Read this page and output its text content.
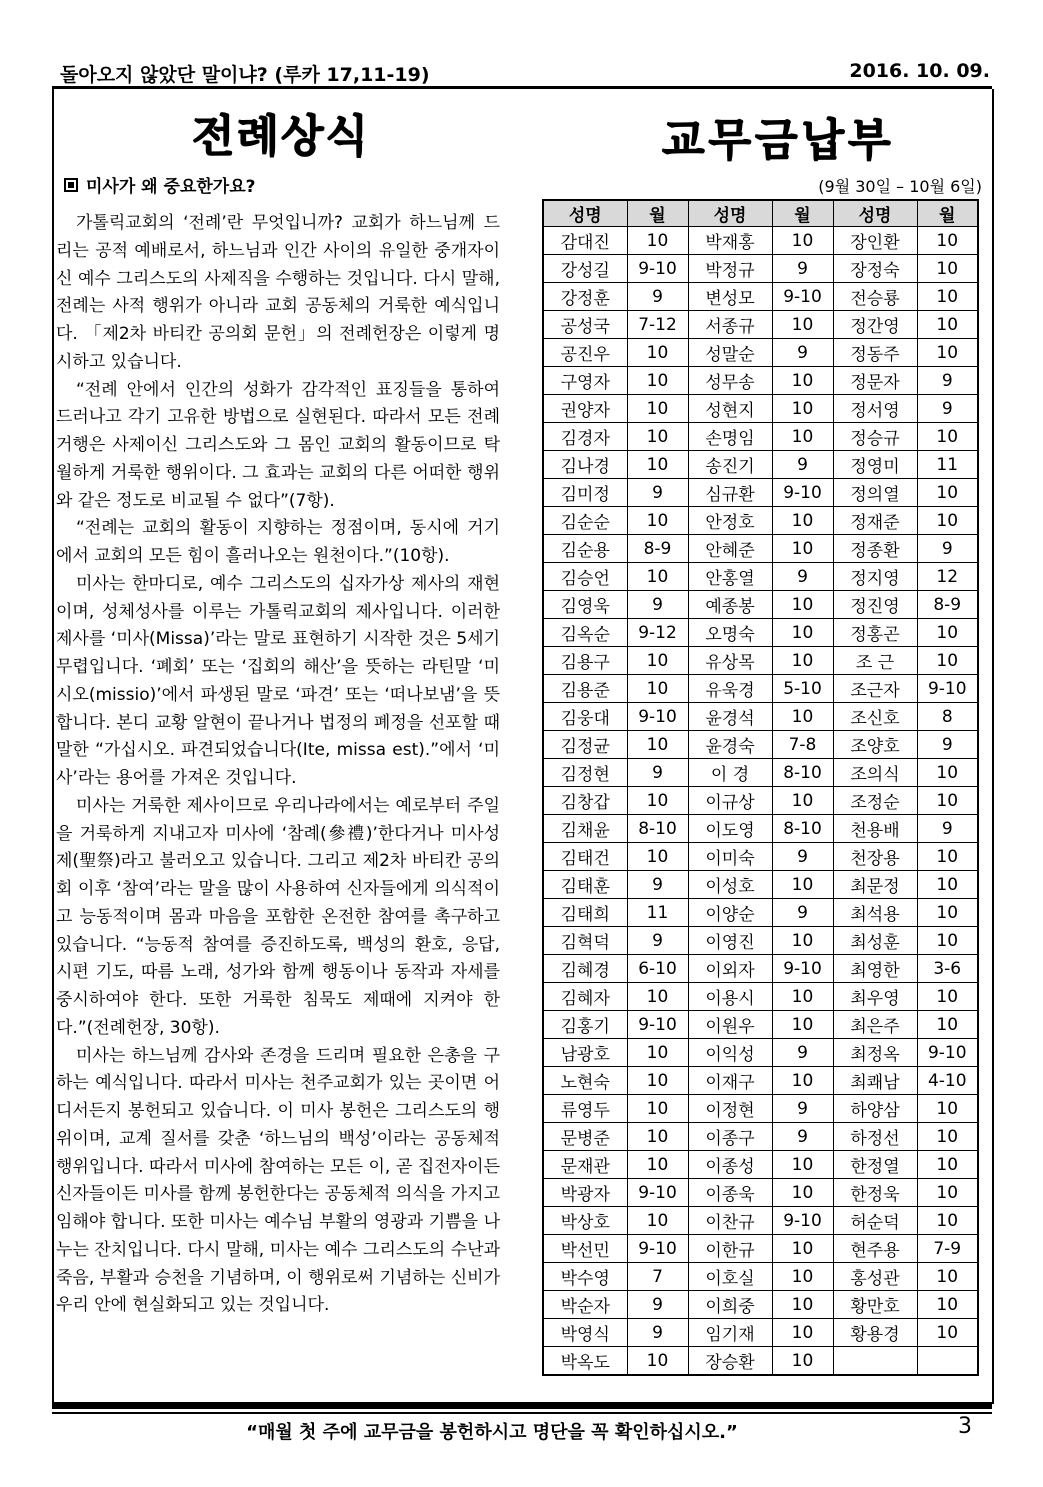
돌아오지 않았단 말이냐? (루카 17,11-19)	2016. 10. 09.
전례상식	교무금납부
미사가 왜 중요한가요?

가톨릭교회의 ‘전례’란 무엇입니까? 교회가 하느님께 드리는 공적 예배로서, 하느님과 인간 사이의 유일한 중개자이신 예수 그리스도의 사제직을 수행하는 것입니다. 다시 말해, 전례는 사적 행위가 아니라 교회 공동체의 거룩한 예식입니다. 「제2차 바티칸 공의회 문헌」의 전례헌장은 이렇게 명시하고 있습니다.

“전례 안에서 인간의 성화가 감각적인 표징들을 통하여 드러나고 각기 고유한 방법으로 실현된다. 따라서 모든 전례 거행은 사제이신 그리스도와 그 몸인 교회의 활동이므로 탁월하게 거룩한 행위이다. 그 효과는 교회의 다른 어떠한 행위와 같은 정도로 비교될 수 없다”(7항).

“전례는 교회의 활동이 지향하는 정점이며, 동시에 거기에서 교회의 모든 힘이 흘러나오는 원천이다.”(10항).

미사는 한마디로, 예수 그리스도의 십자가상 제사의 재현이며, 성체성사를 이루는 가톨릭교회의 제사입니다. 이러한 제사를 ‘미사(Missa)’라는 말로 표현하기 시작한 것은 5세기 무렵입니다. ‘폐회’ 또는 ‘집회의 해산’을 뜻하는 라틴말 ‘미시오(missio)’에서 파생된 말로 ‘파견’ 또는 ‘떠나보냄’을 뜻합니다. 본디 교황 알현이 끝나거나 법정의 폐정을 선포할 때 말한 “가십시오. 파견되었습니다(Ite, missa est).”에서 ‘미사’라는 용어를 가져온 것입니다.

미사는 거룩한 제사이므로 우리나라에서는 예로부터 주일을 거룩하게 지내고자 미사에 ‘참례(參禮)’한다거나 미사성제(聖祭)라고 불러오고 있습니다. 그리고 제2차 바티칸 공의회 이후 ‘참여’라는 말을 많이 사용하여 신자들에게 의식적이고 능동적이며 몸과 마음을 포함한 온전한 참여를 촉구하고 있습니다. “능동적 참여를 증진하도록, 백성의 환호, 응답, 시편 기도, 따름 노래, 성가와 함께 행동이나 동작과 자세를 중시하여야 한다. 또한 거룩한 침묵도 제때에 지켜야 한다.”(전례헌장, 30항).

미사는 하느님께 감사와 존경을 드리며 필요한 은총을 구하는 예식입니다. 따라서 미사는 천주교회가 있는 곳이면 어디서든지 봉헌되고 있습니다. 이 미사 봉헌은 그리스도의 행위이며, 교계 질서를 갖춘 ‘하느님의 백성’이라는 공동체적 행위입니다. 따라서 미사에 참여하는 모든 이, 곧 집전자이든 신자들이든 미사를 함께 봉헌한다는 공동체적 의식을 가지고 임해야 합니다. 또한 미사는 예수님 부활의 영광과 기쁨을 나누는 잔치입니다. 다시 말해, 미사는 예수 그리스도의 수난과 죽음, 부활과 승천을 기념하며, 이 행위로써 기념하는 신비가 우리 안에 현실화되고 있는 것입니다.

(9월 30일 – 10월 6일)
성명	월	성명	월	성명	월
감대진	10	박재홍	10	장인환	10
강성길	9-10	박정규	9	장정숙	10
강정훈	9	변성모	9-10	전승룡	10
공성국	7-12	서종규	10	정간영	10
공진우	10	성말순	9	정동주	10
구영자	10	성무송	10	정문자	9
권양자	10	성현지	10	정서영	9
김경자	10	손명임	10	정승규	10
김나경	10	송진기	9	정영미	11
김미정	9	심규환	9-10	정의열	10
김순순	10	안정호	10	정재준	10
김순용	8-9	안혜준	10	정종환	9
김승언	10	안홍열	9	정지영	12
김영욱	9	예종봉	10	정진영	8-9
김옥순	9-12	오명숙	10	정홍곤	10
김용구	10	유상목	10	조 근	10
김용준	10	유욱경	5-10	조근자	9-10
김웅대	9-10	윤경석	10	조신호	8
김정균	10	윤경숙	7-8	조양호	9
김정현	9	이 경	8-10	조의식	10
김창갑	10	이규상	10	조정순	10
김채윤	8-10	이도영	8-10	천용배	9
김태건	10	이미숙	9	천장용	10
김태훈	9	이성호	10	최문정	10
김태희	11	이양순	9	최석용	10
김혁덕	9	이영진	10	최성훈	10
김혜경	6-10	이외자	9-10	최영한	3-6
김혜자	10	이용시	10	최우영	10
김홍기	9-10	이원우	10	최은주	10
남광호	10	이익성	9	최정옥	9-10
노현숙	10	이재구	10	최쾌남	4-10
류영두	10	이정현	9	하양삼	10
문병준	10	이종구	9	하정선	10
문재관	10	이종성	10	한정열	10
박광자	9-10	이종욱	10	한정욱	10
박상호	10	이찬규	9-10	허순덕	10
박선민	9-10	이한규	10	현주용	7-9
박수영	7	이호실	10	홍성관	10
박순자	9	이희중	10	황만호	10
박영식	9	임기재	10	황용경	10
박옥도	10	장승환	10		
“매월 첫 주에 교무금을 봉헌하시고 명단을 꼭 확인하십시오.”	3
